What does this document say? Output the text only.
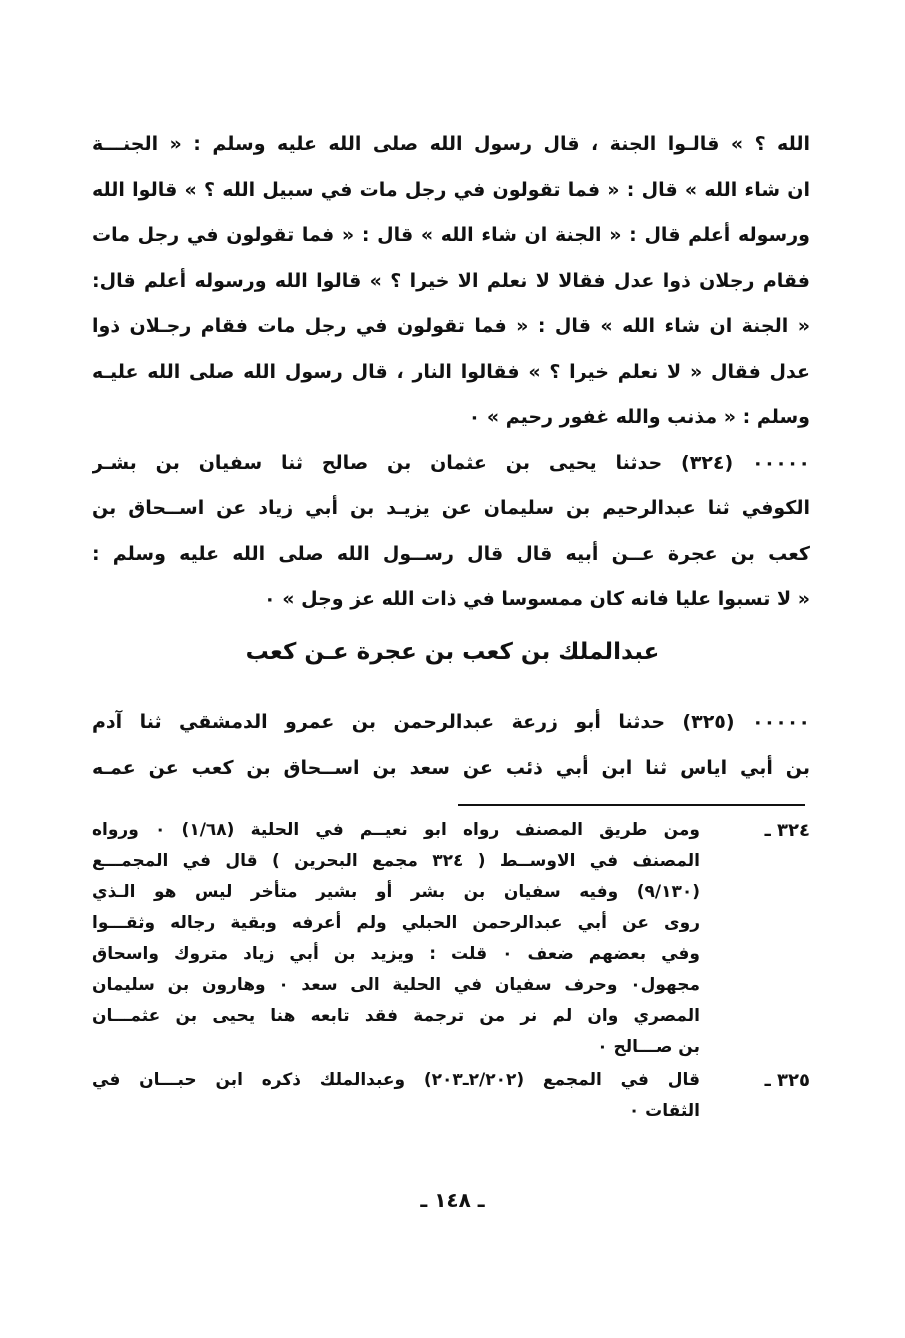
الله ؟ » قالـوا الجنة ، قال رسول الله صلى الله عليه وسلم : « الجنـــة
ان شاء الله » قال : « فما تقولون في رجل مات في سبيل الله ؟ » قالوا الله
ورسوله أعلم قال : « الجنة ان شاء الله » قال : « فما تقولون في رجل مات
فقام رجلان ذوا عدل فقالا لا نعلم الا خيرا ؟ » قالوا الله ورسوله أعلم قال:
« الجنة ان شاء الله » قال : « فما تقولون في رجل مات فقام رجـلان ذوا
عدل فقال « لا نعلم خيرا ؟ » فقالوا النار ، قال رسول الله صلى الله عليـه
وسلم : « مذنب والله غفور رحيم » ٠
٠٠٠٠٠ (٣٢٤) حدثنا يحيى بن عثمان بن صالح ثنا سفيان بن بشـر
الكوفي ثنا عبدالرحيم بن سليمان عن يزيـد بن أبي زياد عن اســحاق بن
كعب بن عجرة عــن أبيه قال قال رســول الله صلى الله عليه وسلم :
« لا تسبوا عليا فانه كان ممسوسا في ذات الله عز وجل » ٠
عبدالملك بن كعب بن عجرة عـن كعب
٠٠٠٠٠ (٣٢٥) حدثنا أبو زرعة عبدالرحمن بن عمرو الدمشقي ثنا آدم
بن أبي اياس ثنا ابن أبي ذئب عن سعد بن اســحاق بن كعب عن عمـه
٣٢٤ ـ
ومن طريق المصنف رواه ابو نعيــم في الحلية (١/٦٨) ٠ ورواه
المصنف في الاوســط ( ٣٢٤ مجمع البحرين ) قال في المجمـــع
(٩/١٣٠) وفيه سفيان بن بشر أو بشير متأخر ليس هو الـذي
روى عن أبي عبدالرحمن الحبلي ولم أعرفه وبقية رجاله وثقـــوا
وفي بعضهم ضعف ٠ قلت : ويزيد بن أبي زياد متروك واسحاق
مجهول٠ وحرف سفيان في الحلية الى سعد ٠ وهارون بن سليمان
المصري وان لم نر من ترجمة فقد تابعه هنا يحيى بن عثمـــان
بن صـــالح ٠
٣٢٥ ـ
قال في المجمع (٢/٢٠٢ـ٢٠٣) وعبدالملك ذكره ابن حبـــان في
الثقات ٠
ـ ١٤٨ ـ
